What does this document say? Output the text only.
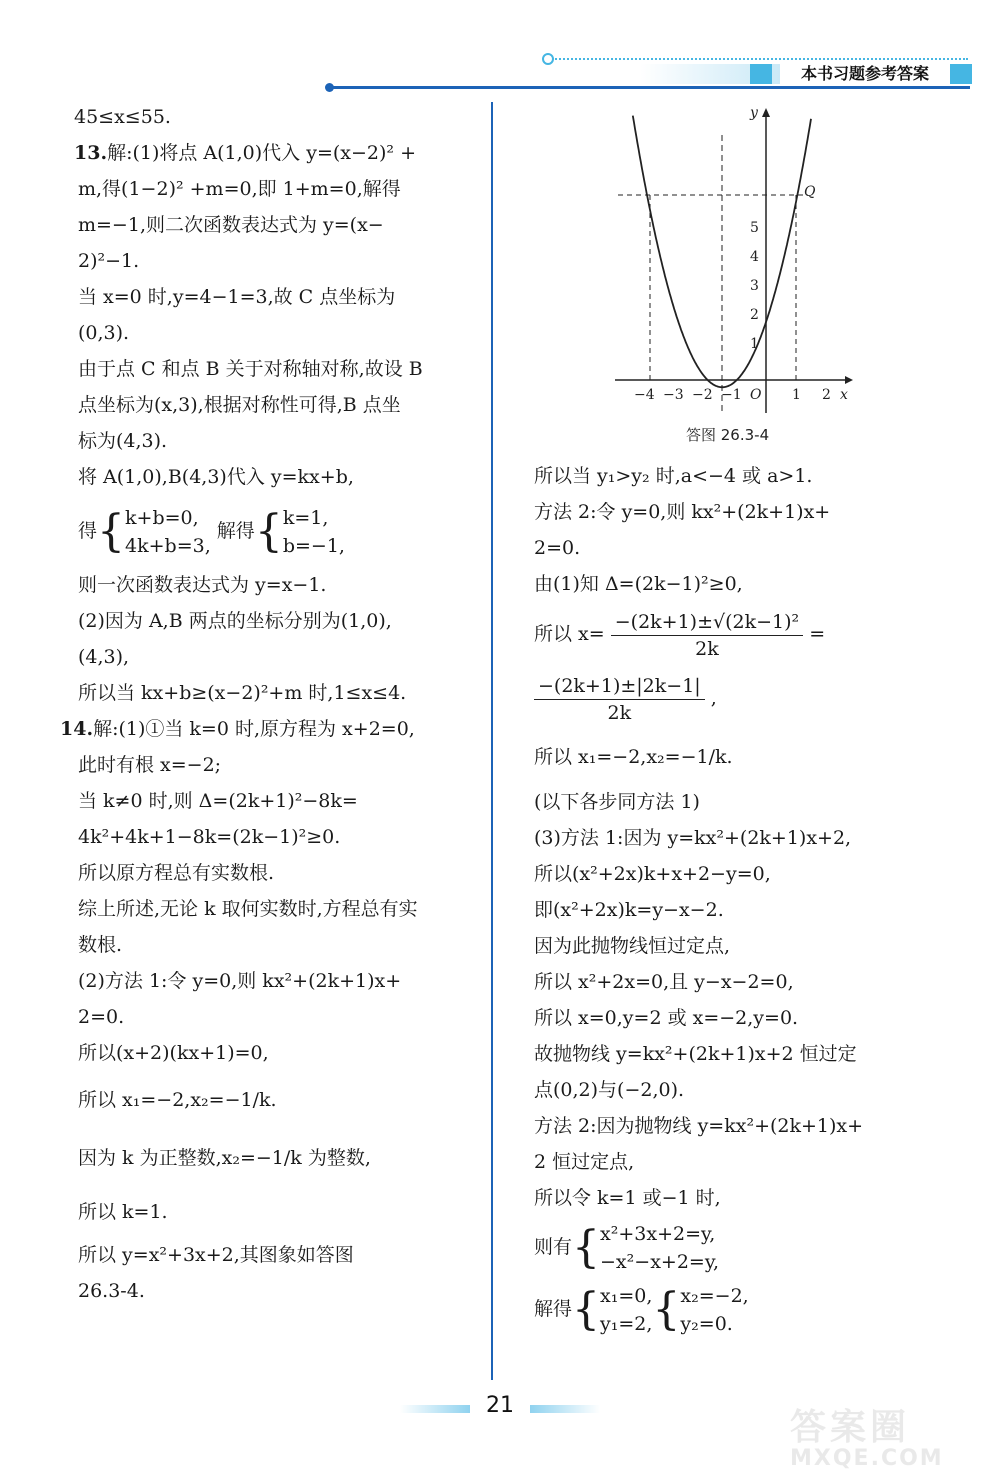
本书习题参考答案

45≤x≤55.

13.解:(1)将点 A(1,0)代入 y=(x−2)² +

m,得(1−2)² +m=0,即 1+m=0,解得

m=−1,则二次函数表达式为 y=(x−

2)²−1.

当 x=0 时,y=4−1=3,故 C 点坐标为

(0,3).

由于点 C 和点 B 关于对称轴对称,故设 B

点坐标为(x,3),根据对称性可得,B 点坐

标为(4,3).

将 A(1,0),B(4,3)代入 y=kx+b,

得{k+b=0,
4k+b=3, 解得{k=1,
b=−1,

则一次函数表达式为 y=x−1.

(2)因为 A,B 两点的坐标分别为(1,0),

(4,3),

所以当 kx+b≥(x−2)²+m 时,1≤x≤4.

14.解:(1)①当 k=0 时,原方程为 x+2=0,

此时有根 x=−2;

当 k≠0 时,则 Δ=(2k+1)²−8k=

4k²+4k+1−8k=(2k−1)²≥0.

所以原方程总有实数根.

综上所述,无论 k 取何实数时,方程总有实

数根.

(2)方法 1:令 y=0,则 kx²+(2k+1)x+

2=0.

所以(x+2)(kx+1)=0,

所以 x₁=−2,x₂=−1/k.

因为 k 为正整数,x₂=−1/k 为整数,

所以 k=1.

所以 y=x²+3x+2,其图象如答图

26.3-4.

x
y
O
−4 −3 −2 −1	1 2
1
2
3
4
5
Q
答图 26.3-4

所以当 y₁>y₂ 时,a<−4 或 a>1.

方法 2:令 y=0,则 kx²+(2k+1)x+

2=0.

由(1)知 Δ=(2k−1)²≥0,

所以 $x= \frac{\text{−(2k+1)±√(2k−1)²}}{2k}$ =

$\frac{-(2k+1)\pm|2k-1|}{2k}$ ,

所以 x₁=−2,x₂=−1/k.

(以下各步同方法 1)

(3)方法 1:因为 y=kx²+(2k+1)x+2,

所以(x²+2x)k+x+2−y=0,

即(x²+2x)k=y−x−2.

因为此抛物线恒过定点,

所以 x²+2x=0,且 y−x−2=0,

所以 x=0,y=2 或 x=−2,y=0.

故抛物线 y=kx²+(2k+1)x+2 恒过定

点(0,2)与(−2,0).

方法 2:因为抛物线 y=kx²+(2k+1)x+

2 恒过定点,

所以令 k=1 或−1 时,

则有{x²+3x+2=y,
−x²−x+2=y,

解得{x₁=0,
y₁=2,{x₂=−2,
y₂=0.

21
答案圈
MXQE.COM
